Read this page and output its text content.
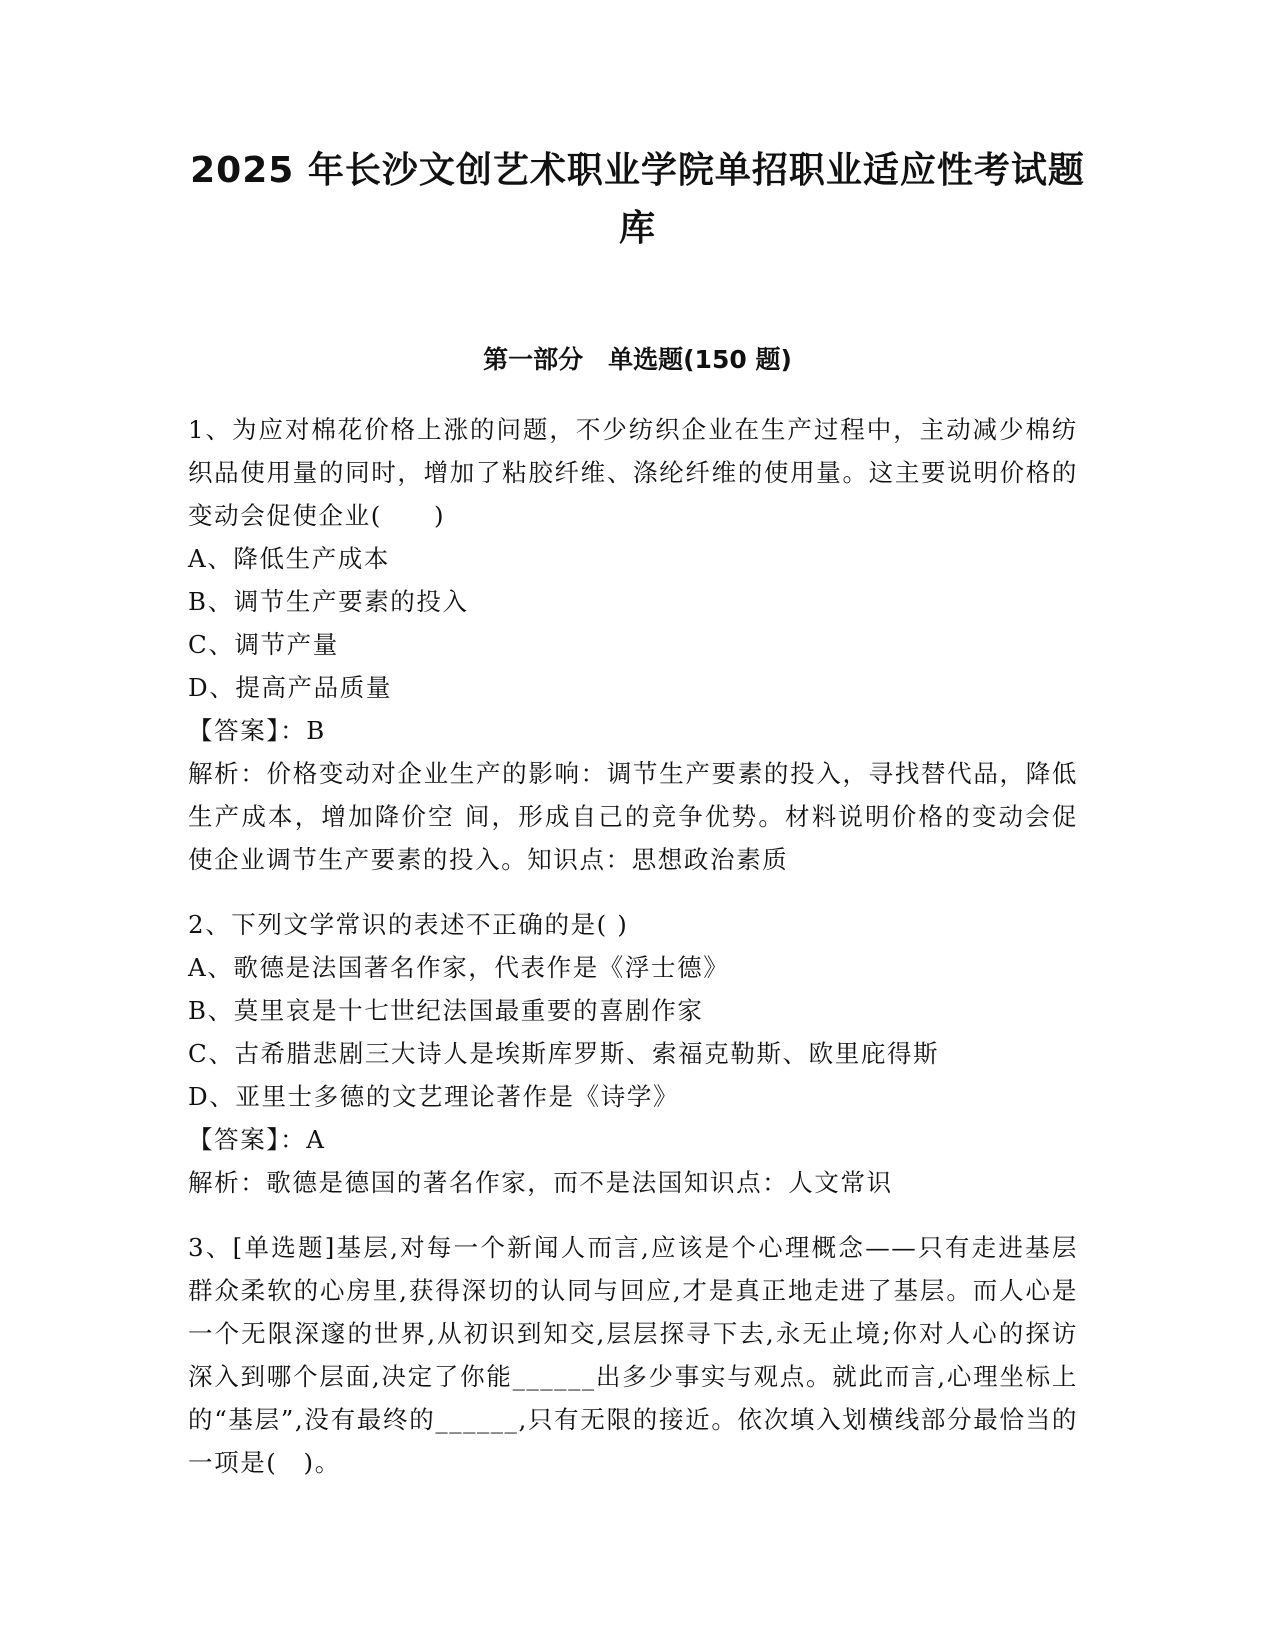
2025 年长沙文创艺术职业学院单招职业适应性考试题库
第一部分　单选题(150 题)

1、为应对棉花价格上涨的问题，不少纺织企业在生产过程中，主动减少棉纺织品使用量的同时，增加了粘胶纤维、涤纶纤维的使用量。这主要说明价格的变动会促使企业(　　)

A、降低生产成本

B、调节生产要素的投入

C、调节产量

D、提高产品质量

【答案】：B

解析：价格变动对企业生产的影响：调节生产要素的投入，寻找替代品，降低生产成本，增加降价空 间，形成自己的竞争优势。材料说明价格的变动会促使企业调节生产要素的投入。知识点：思想政治素质

2、下列文学常识的表述不正确的是( )

A、歌德是法国著名作家，代表作是《浮士德》

B、莫里哀是十七世纪法国最重要的喜剧作家

C、古希腊悲剧三大诗人是埃斯库罗斯、索福克勒斯、欧里庇得斯

D、亚里士多德的文艺理论著作是《诗学》

【答案】：A

解析：歌德是德国的著名作家，而不是法国知识点：人文常识

3、[单选题]基层,对每一个新闻人而言,应该是个心理概念——只有走进基层群众柔软的心房里,获得深切的认同与回应,才是真正地走进了基层。而人心是一个无限深邃的世界,从初识到知交,层层探寻下去,永无止境;你对人心的探访深入到哪个层面,决定了你能______出多少事实与观点。就此而言,心理坐标上的“基层”,没有最终的______,只有无限的接近。依次填入划横线部分最恰当的一项是(　)。
